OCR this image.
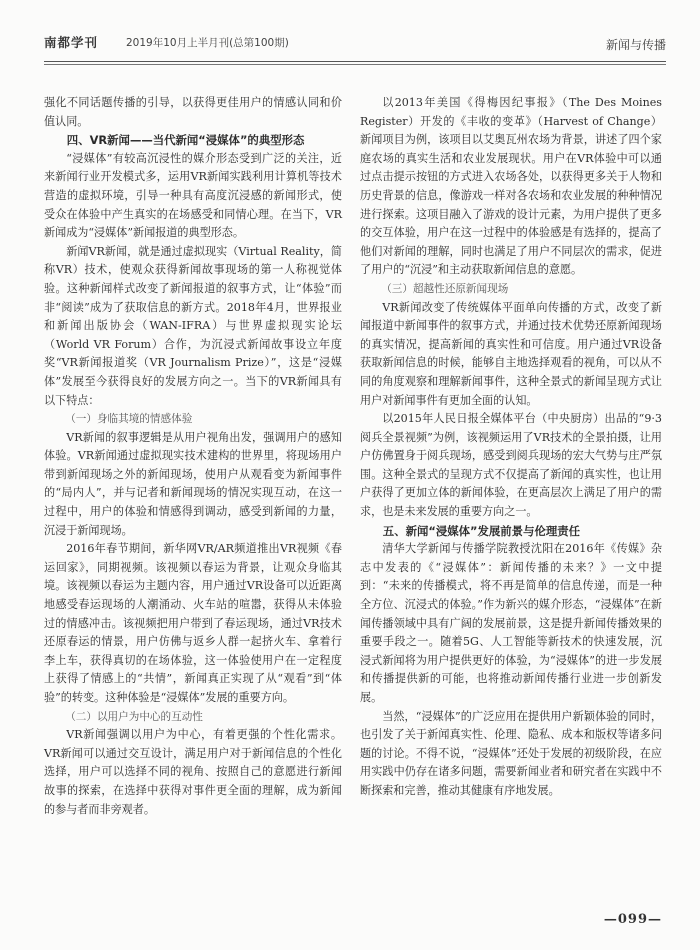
南都学刊	2019年10月上半月刊(总第100期)	新闻与传播

强化不同话题传播的引导，以获得更佳用户的情感认同和价值认同。

四、VR新闻——当代新闻“浸媒体”的典型形态

“浸媒体”有较高沉浸性的媒介形态受到广泛的关注，近来新闻行业开发模式多，运用VR新闻实践利用计算机等技术营造的虚拟环境，引导一种具有高度沉浸感的新闻形式，使受众在体验中产生真实的在场感受和同情心理。在当下，VR新闻成为“浸媒体”新闻报道的典型形态。

新闻VR新闻，就是通过虚拟现实（Virtual Reality，简称VR）技术，使观众获得新闻故事现场的第一人称视觉体验。这种新闻样式改变了新闻报道的叙事方式，让“体验”而非“阅读”成为了获取信息的新方式。2018年4月，世界报业和新闻出版协会（WAN-IFRA）与世界虚拟现实论坛（World VR Forum）合作，为沉浸式新闻故事设立年度奖“VR新闻报道奖（VR Journalism Prize）”，这是“浸媒体”发展至今获得良好的发展方向之一。当下的VR新闻具有以下特点：

（一）身临其境的情感体验

VR新闻的叙事逻辑是从用户视角出发，强调用户的感知体验。VR新闻通过虚拟现实技术建构的世界里，将现场用户带到新闻现场之外的新闻现场，使用户从观看变为新闻事件的“局内人”，并与记者和新闻现场的情况实现互动，在这一过程中，用户的体验和情感得到调动，感受到新闻的力量，沉浸于新闻现场。

2016年春节期间，新华网VR/AR频道推出VR视频《春运回家》，同期视频。该视频以春运为背景，让观众身临其境。该视频以春运为主题内容，用户通过VR设备可以近距离地感受春运现场的人潮涌动、火车站的喧嚣，获得从未体验过的情感冲击。该视频把用户带到了春运现场，通过VR技术还原春运的情景，用户仿佛与返乡人群一起挤火车、拿着行李上车，获得真切的在场体验，这一体验使用户在一定程度上获得了情感上的“共情”，新闻真正实现了从“观看”到“体验”的转变。这种体验是“浸媒体”发展的重要方向。

（二）以用户为中心的互动性

VR新闻强调以用户为中心，有着更强的个性化需求。VR新闻可以通过交互设计，满足用户对于新闻信息的个性化选择，用户可以选择不同的视角、按照自己的意愿进行新闻故事的探索，在选择中获得对事件更全面的理解，成为新闻的参与者而非旁观者。

以2013年美国《得梅因纪事报》（The Des Moines Register）开发的《丰收的变革》（Harvest of Change）新闻项目为例，该项目以艾奥瓦州农场为背景，讲述了四个家庭农场的真实生活和农业发展现状。用户在VR体验中可以通过点击提示按钮的方式进入农场各处，以获得更多关于人物和历史背景的信息，像游戏一样对各农场和农业发展的种种情况进行探索。这项目融入了游戏的设计元素，为用户提供了更多的交互体验，用户在这一过程中的体验感是有选择的，提高了他们对新闻的理解，同时也满足了用户不同层次的需求，促进了用户的“沉浸”和主动获取新闻信息的意愿。

（三）超越性还原新闻现场

VR新闻改变了传统媒体平面单向传播的方式，改变了新闻报道中新闻事件的叙事方式，并通过技术优势还原新闻现场的真实情况，提高新闻的真实性和可信度。用户通过VR设备获取新闻信息的时候，能够自主地选择观看的视角，可以从不同的角度观察和理解新闻事件，这种全景式的新闻呈现方式让用户对新闻事件有更加全面的认知。

以2015年人民日报全媒体平台（中央厨房）出品的“9·3阅兵全景视频”为例，该视频运用了VR技术的全景拍摄，让用户仿佛置身于阅兵现场，感受到阅兵现场的宏大气势与庄严氛围。这种全景式的呈现方式不仅提高了新闻的真实性，也让用户获得了更加立体的新闻体验，在更高层次上满足了用户的需求，也是未来发展的重要方向之一。

五、新闻“浸媒体”发展前景与伦理责任

清华大学新闻与传播学院教授沈阳在2016年《传媒》杂志中发表的《“浸媒体”：新闻传播的未来？》一文中提到：“未来的传播模式，将不再是简单的信息传递，而是一种全方位、沉浸式的体验。”作为新兴的媒介形态，“浸媒体”在新闻传播领域中具有广阔的发展前景，这是提升新闻传播效果的重要手段之一。随着5G、人工智能等新技术的快速发展，沉浸式新闻将为用户提供更好的体验，为“浸媒体”的进一步发展和传播提供新的可能，也将推动新闻传播行业进一步创新发展。

当然，“浸媒体”的广泛应用在提供用户新颖体验的同时，也引发了关于新闻真实性、伦理、隐私、成本和版权等诸多问题的讨论。不得不说，“浸媒体”还处于发展的初级阶段，在应用实践中仍存在诸多问题，需要新闻业者和研究者在实践中不断探索和完善，推动其健康有序地发展。

—099—
